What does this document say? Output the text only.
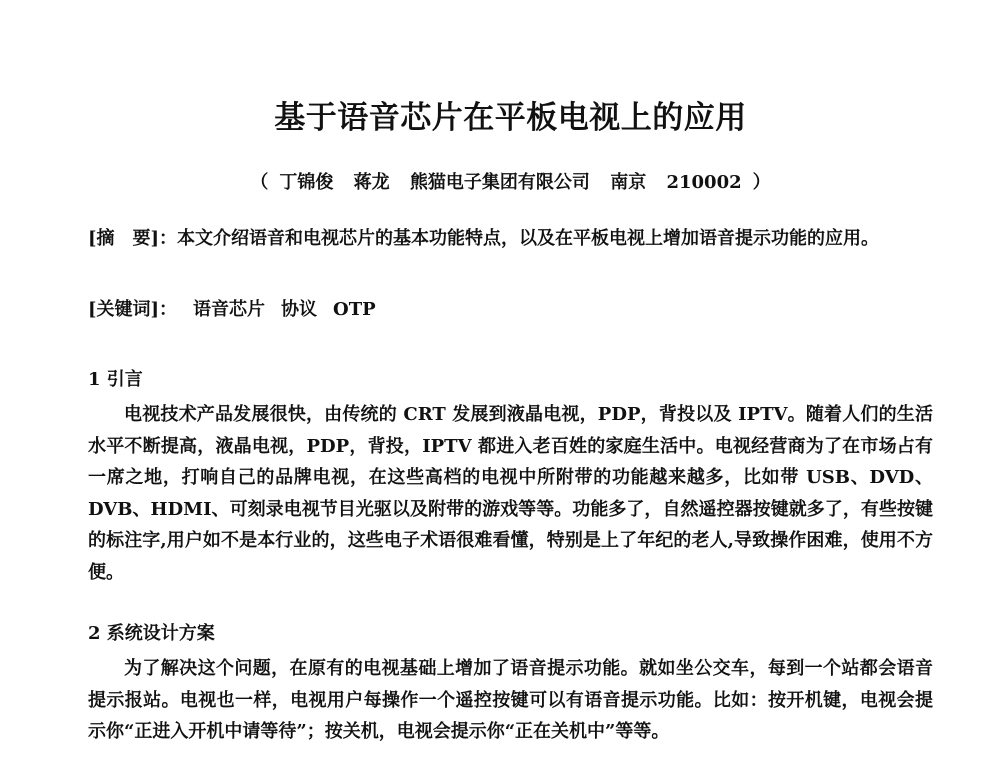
基于语音芯片在平板电视上的应用
（ 丁锦俊 蒋龙 熊猫电子集团有限公司 南京 210002 ）
[摘　要]：本文介绍语音和电视芯片的基本功能特点，以及在平板电视上增加语音提示功能的应用。
[关键词]： 语音芯片 协议 OTP
1 引言
电视技术产品发展很快，由传统的 CRT 发展到液晶电视，PDP，背投以及 IPTV。随着人们的生活水平不断提高，液晶电视，PDP，背投，IPTV 都进入老百姓的家庭生活中。电视经营商为了在市场占有一席之地，打响自己的品牌电视，在这些高档的电视中所附带的功能越来越多，比如带 USB、DVD、DVB、HDMI、可刻录电视节目光驱以及附带的游戏等等。功能多了，自然遥控器按键就多了，有些按键的标注字,用户如不是本行业的，这些电子术语很难看懂，特别是上了年纪的老人,导致操作困难，使用不方便。
2 系统设计方案
为了解决这个问题，在原有的电视基础上增加了语音提示功能。就如坐公交车，每到一个站都会语音提示报站。电视也一样，电视用户每操作一个遥控按键可以有语音提示功能。比如：按开机键，电视会提示你“正进入开机中请等待”；按关机，电视会提示你“正在关机中”等等。
